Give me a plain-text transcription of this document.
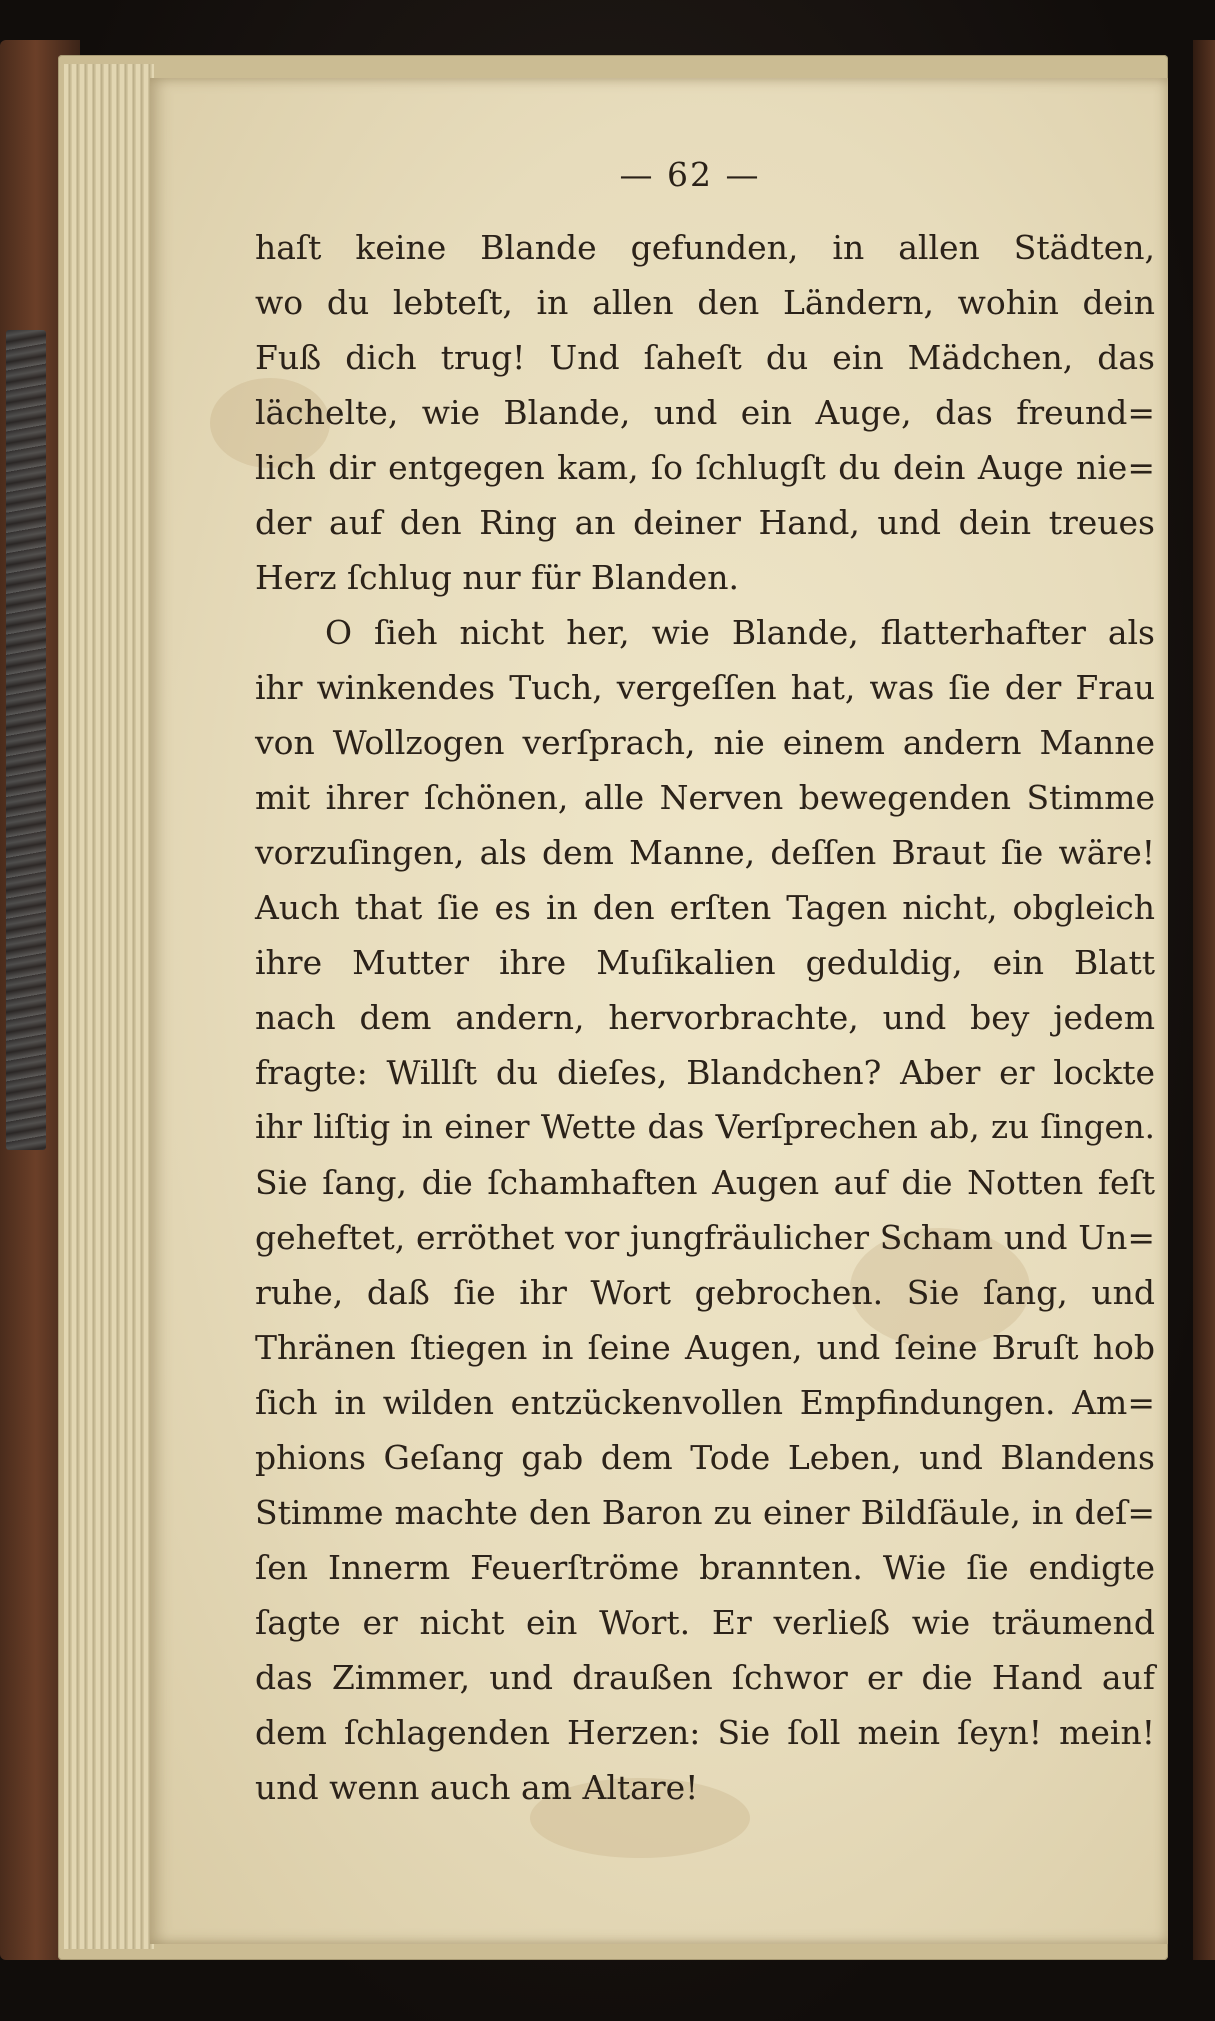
— 62 —
haſt keine Blande gefunden, in allen Städten,
wo du lebteſt, in allen den Ländern, wohin dein
Fuß dich trug! Und ſaheſt du ein Mädchen, das
lächelte, wie Blande, und ein Auge, das freund=
lich dir entgegen kam, ſo ſchlugſt du dein Auge nie=
der auf den Ring an deiner Hand, und dein treues
Herz ſchlug nur für Blanden.
O ſieh nicht her, wie Blande, flatterhafter als
ihr winkendes Tuch, vergeſſen hat, was ſie der Frau
von Wollzogen verſprach, nie einem andern Manne
mit ihrer ſchönen, alle Nerven bewegenden Stimme
vorzuſingen, als dem Manne, deſſen Braut ſie wäre!
Auch that ſie es in den erſten Tagen nicht, obgleich
ihre Mutter ihre Muſikalien geduldig, ein Blatt
nach dem andern, hervorbrachte, und bey jedem
fragte: Willſt du dieſes, Blandchen? Aber er lockte
ihr liſtig in einer Wette das Verſprechen ab, zu ſingen.
Sie ſang, die ſchamhaften Augen auf die Notten feſt
geheftet, erröthet vor jungfräulicher Scham und Un=
ruhe, daß ſie ihr Wort gebrochen. Sie ſang, und
Thränen ſtiegen in ſeine Augen, und ſeine Bruſt hob
ſich in wilden entzückenvollen Empfindungen. Am=
phions Geſang gab dem Tode Leben, und Blandens
Stimme machte den Baron zu einer Bildſäule, in deſ=
ſen Innerm Feuerſtröme brannten. Wie ſie endigte
ſagte er nicht ein Wort. Er verließ wie träumend
das Zimmer, und draußen ſchwor er die Hand auf
dem ſchlagenden Herzen: Sie ſoll mein ſeyn! mein!
und wenn auch am Altare!
